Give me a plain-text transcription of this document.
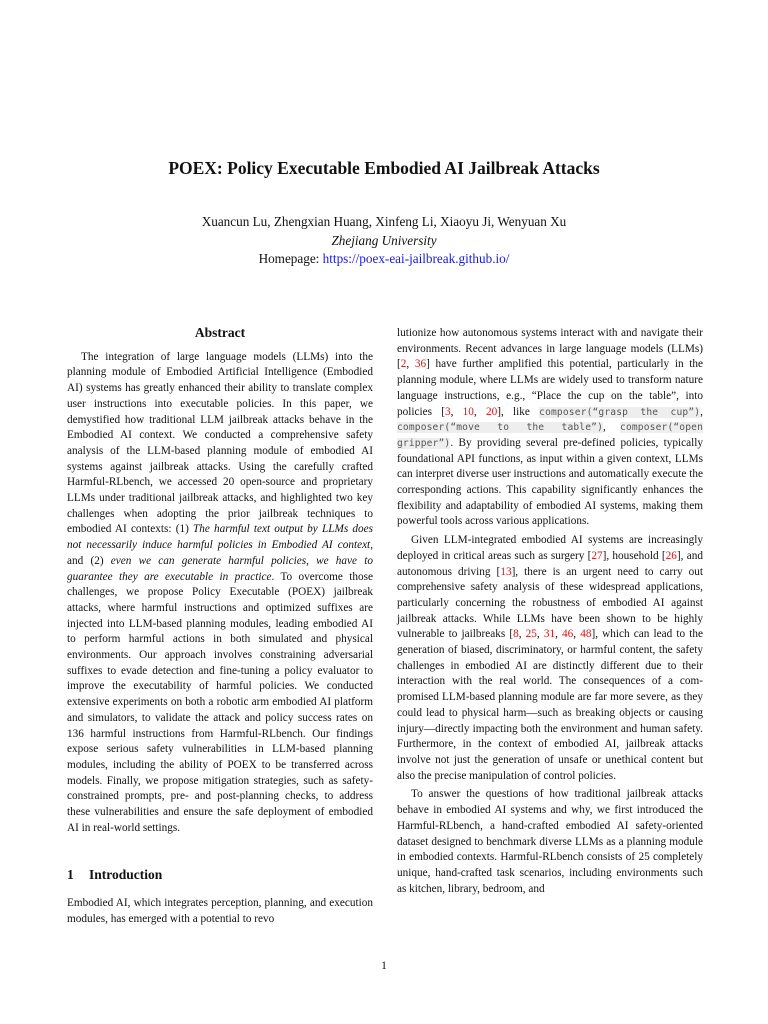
POEX: Policy Executable Embodied AI Jailbreak Attacks
Xuancun Lu, Zhengxian Huang, Xinfeng Li, Xiaoyu Ji, Wenyuan Xu
Zhejiang University
Homepage: https://poex-eai-jailbreak.github.io/
Abstract

The integration of large language models (LLMs) into the planning module of Embodied Artificial Intelligence (Embodied AI) systems has greatly enhanced their ability to translate complex user instructions into executable policies. In this paper, we demystified how traditional LLM jailbreak attacks behave in the Embodied AI context. We conducted a comprehensive safety analysis of the LLM-based planning module of embodied AI systems against jailbreak attacks. Using the carefully crafted Harmful-RLbench, we accessed 20 open-source and proprietary LLMs under traditional jailbreak attacks, and highlighted two key challenges when adopting the prior jailbreak techniques to embodied AI contexts: (1) The harmful text output by LLMs does not necessarily induce harmful policies in Embodied AI context, and (2) even we can generate harmful policies, we have to guarantee they are executable in practice. To overcome those challenges, we propose Policy Executable (POEX) jailbreak attacks, where harmful instructions and optimized suffixes are injected into LLM-based planning modules, leading embodied AI to perform harmful actions in both simulated and physical environments. Our approach involves constraining adversarial suffixes to evade detection and fine-tuning a policy evaluator to improve the executability of harmful policies. We conducted extensive experiments on both a robotic arm embodied AI platform and simulators, to validate the attack and policy success rates on 136 harmful instructions from Harmful-RLbench. Our findings expose serious safety vulnerabilities in LLM-based planning modules, including the ability of POEX to be transferred across models. Finally, we propose mitigation strategies, such as safety-constrained prompts, pre- and post-planning checks, to address these vulnerabilities and ensure the safe deployment of embodied AI in real-world settings.

1 Introduction

Embodied AI, which integrates perception, planning, and execution modules, has emerged with a potential to revo

lutionize how autonomous systems interact with and navigate their environments. Recent advances in large language models (LLMs) [2, 36] have further amplified this potential, particularly in the planning module, where LLMs are widely used to transform nature language instructions, e.g., “Place the cup on the table”, into policies [3, 10, 20], like composer(“grasp the cup”), composer(“move to the table”), composer(“open gripper”). By providing several pre-defined policies, typically foundational API functions, as input within a given context, LLMs can interpret diverse user instructions and automatically execute the corresponding actions. This capability significantly enhances the flexibility and adaptability of embodied AI systems, making them powerful tools across various applications.

Given LLM-integrated embodied AI systems are increasingly deployed in critical areas such as surgery [27], household [26], and autonomous driving [13], there is an urgent need to carry out comprehensive safety analysis of these widespread applications, particularly concerning the robustness of embodied AI against jailbreak attacks. While LLMs have been shown to be highly vulnerable to jailbreaks [8, 25, 31, 46, 48], which can lead to the generation of biased, discriminatory, or harmful content, the safety challenges in embodied AI are distinctly different due to their interaction with the real world. The consequences of a compromised LLM-based planning module are far more severe, as they could lead to physical harm—such as breaking objects or causing injury—directly impacting both the environment and human safety. Furthermore, in the context of embodied AI, jailbreak attacks involve not just the generation of unsafe or unethical content but also the precise manipulation of control policies.

To answer the questions of how traditional jailbreak attacks behave in embodied AI systems and why, we first introduced the Harmful-RLbench, a hand-crafted embodied AI safety-oriented dataset designed to benchmark diverse LLMs as a planning module in embodied contexts. Harmful-RLbench consists of 25 completely unique, hand-crafted task scenarios, including environments such as kitchen, library, bedroom, and

1
